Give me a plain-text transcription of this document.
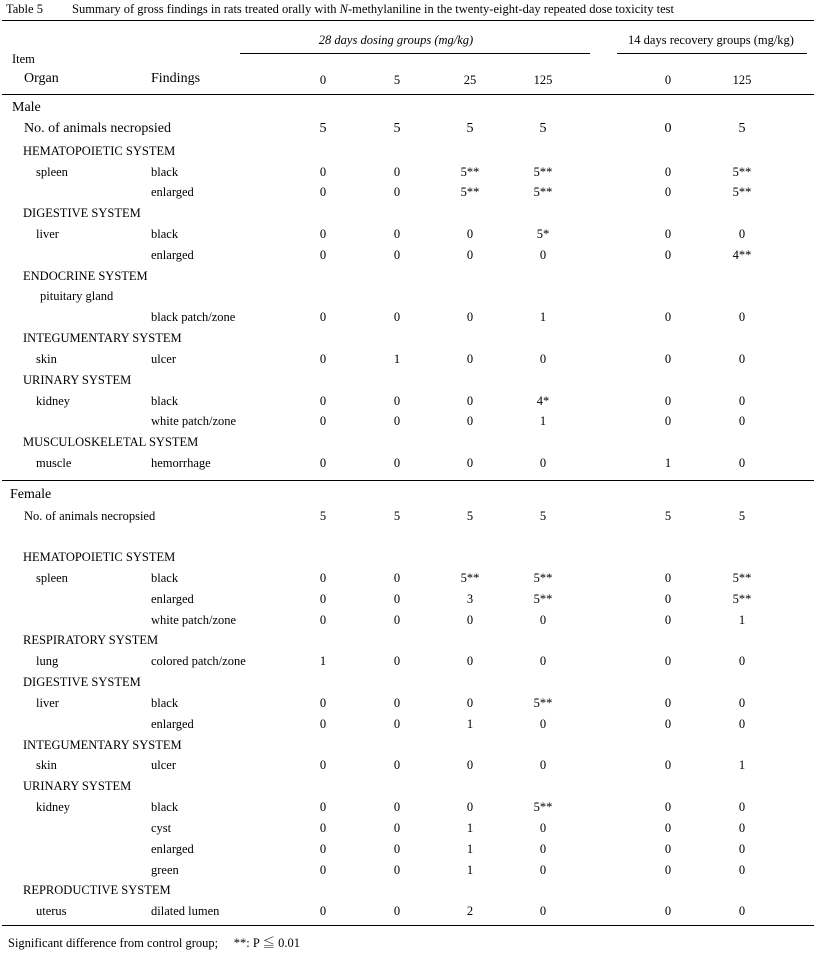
Table 5 Summary of gross findings in rats treated orally with N-methylaniline in the twenty-eight-day repeated dose toxicity test
28 days dosing groups (mg/kg)	14 days recovery groups (mg/kg)
Item
Organ	Findings	0	5	25	125	0	125
Male
No. of animals necropsied	5	5	5	5	0	5
HEMATOPOIETIC SYSTEM
spleen	black	0	0	5**	5**	0	5**
enlarged	0	0	5**	5**	0	5**
DIGESTIVE SYSTEM
liver	black	0	0	0	5*	0	0
enlarged	0	0	0	0	0	4**
ENDOCRINE SYSTEM
pituitary gland
black patch/zone	0	0	0	1	0	0
INTEGUMENTARY SYSTEM
skin	ulcer	0	1	0	0	0	0
URINARY SYSTEM
kidney	black	0	0	0	4*	0	0
white patch/zone	0	0	0	1	0	0
MUSCULOSKELETAL SYSTEM
muscle	hemorrhage	0	0	0	0	1	0
Female
No. of animals necropsied	5	5	5	5	5	5
HEMATOPOIETIC SYSTEM
spleen	black	0	0	5**	5**	0	5**
enlarged	0	0	3	5**	0	5**
white patch/zone	0	0	0	0	0	1
RESPIRATORY SYSTEM
lung	colored patch/zone	1	0	0	0	0	0
DIGESTIVE SYSTEM
liver	black	0	0	0	5**	0	0
enlarged	0	0	1	0	0	0
INTEGUMENTARY SYSTEM
skin	ulcer	0	0	0	0	0	1
URINARY SYSTEM
kidney	black	0	0	0	5**	0	0
cyst	0	0	1	0	0	0
enlarged	0	0	1	0	0	0
green	0	0	1	0	0	0
REPRODUCTIVE SYSTEM
uterus	dilated lumen	0	0	2	0	0	0
Significant difference from control group;　 **: P ≦ 0.01
